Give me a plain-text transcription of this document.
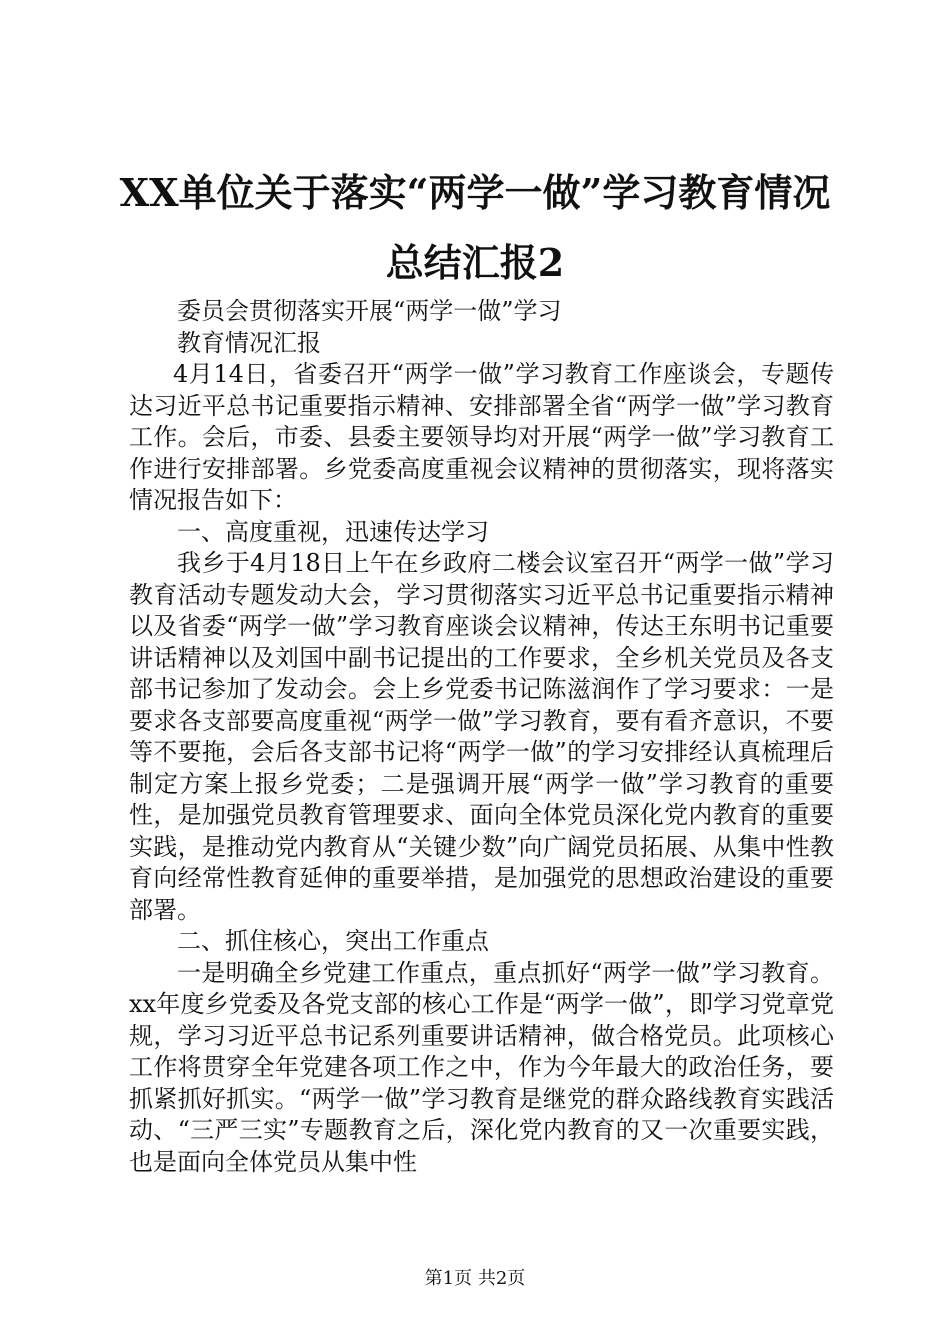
XX单位关于落实“两学一做”学习教育情况
总结汇报2

委员会贯彻落实开展“两学一做”学习

教育情况汇报

4月14日，省委召开“两学一做”学习教育工作座谈会，专题传达习近平总书记重要指示精神、安排部署全省“两学一做”学习教育工作。会后，市委、县委主要领导均对开展“两学一做”学习教育工作进行安排部署。乡党委高度重视会议精神的贯彻落实，现将落实情况报告如下：

一、高度重视，迅速传达学习

我乡于4月18日上午在乡政府二楼会议室召开“两学一做”学习教育活动专题发动大会，学习贯彻落实习近平总书记重要指示精神以及省委“两学一做”学习教育座谈会议精神，传达王东明书记重要讲话精神以及刘国中副书记提出的工作要求，全乡机关党员及各支部书记参加了发动会。会上乡党委书记陈滋润作了学习要求：一是要求各支部要高度重视“两学一做”学习教育，要有看齐意识，不要等不要拖，会后各支部书记将“两学一做”的学习安排经认真梳理后制定方案上报乡党委；二是强调开展“两学一做”学习教育的重要性，是加强党员教育管理要求、面向全体党员深化党内教育的重要实践，是推动党内教育从“关键少数”向广阔党员拓展、从集中性教育向经常性教育延伸的重要举措，是加强党的思想政治建设的重要部署。

二、抓住核心，突出工作重点

一是明确全乡党建工作重点，重点抓好“两学一做”学习教育。xx年度乡党委及各党支部的核心工作是“两学一做”，即学习党章党规，学习习近平总书记系列重要讲话精神，做合格党员。此项核心工作将贯穿全年党建各项工作之中，作为今年最大的政治任务，要抓紧抓好抓实。“两学一做”学习教育是继党的群众路线教育实践活动、“三严三实”专题教育之后，深化党内教育的又一次重要实践，也是面向全体党员从集中性

第1页 共2页
